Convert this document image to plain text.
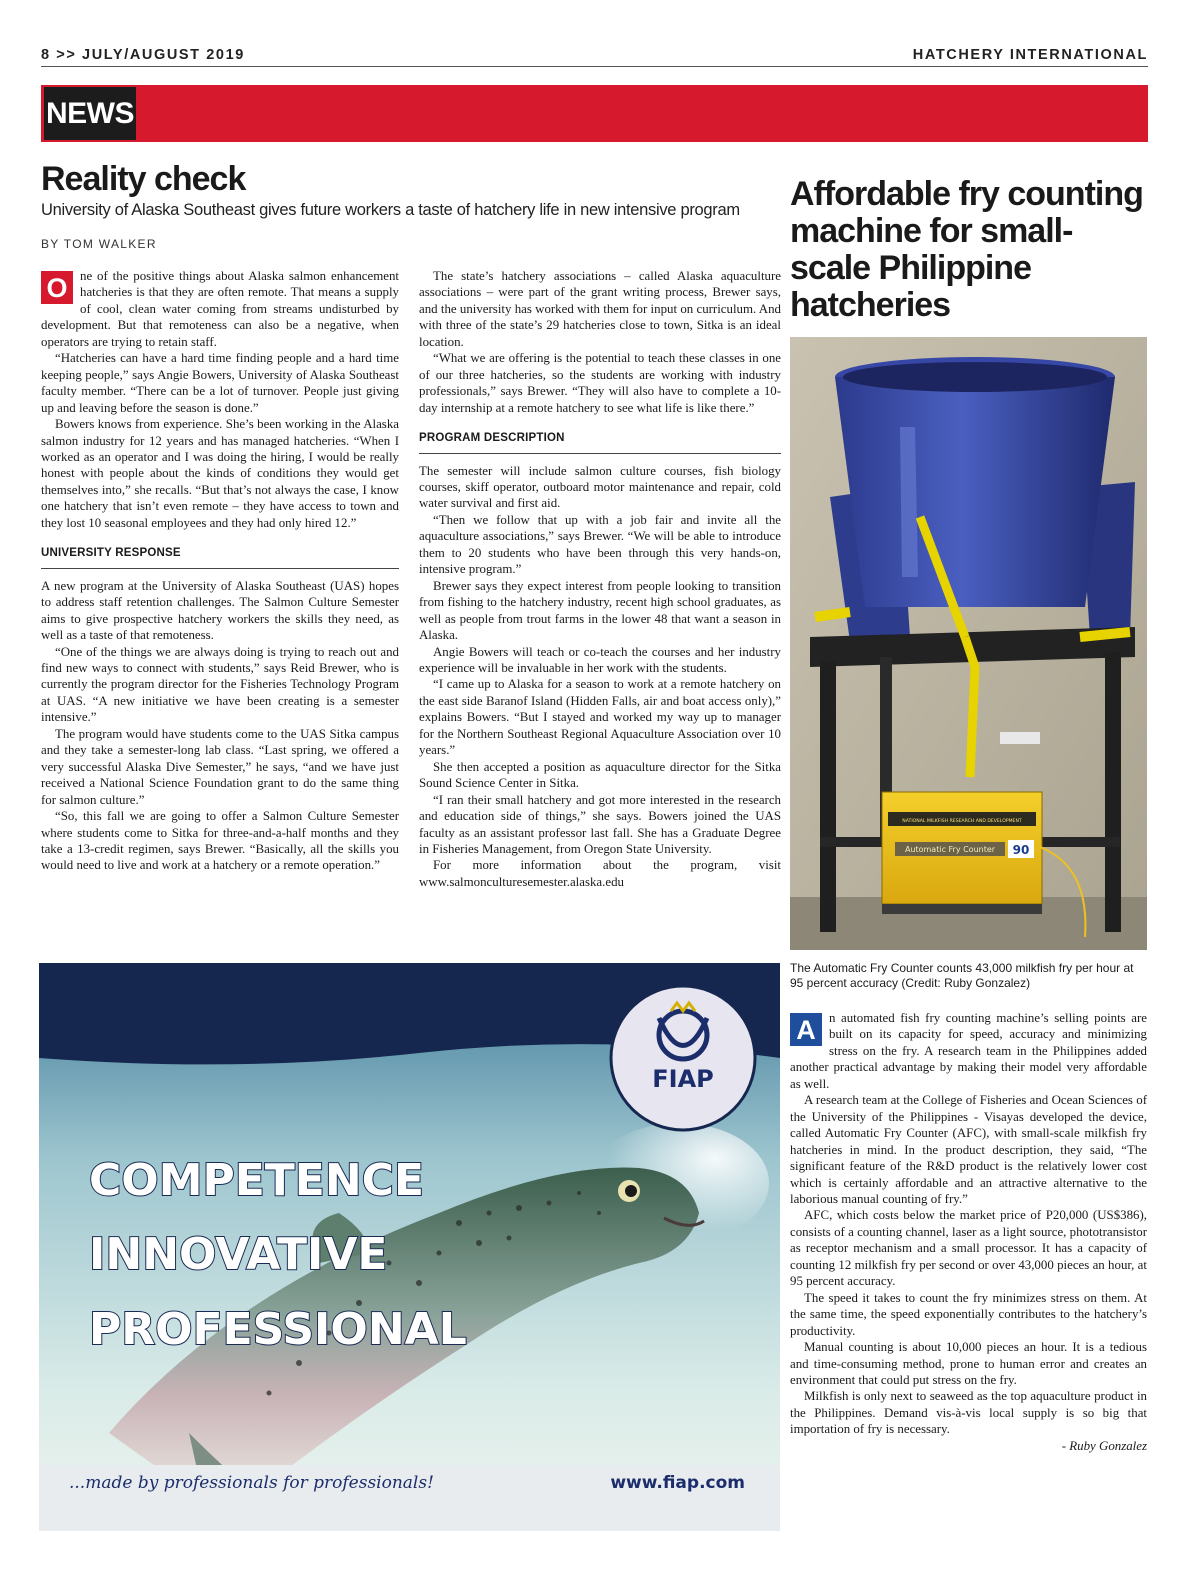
8 >> JULY/AUGUST 2019	HATCHERY INTERNATIONAL
NEWS
Reality check
University of Alaska Southeast gives future workers a taste of hatchery life in new intensive program
BY TOM WALKER

O ne of the positive things about Alaska salmon enhancement hatcheries is that they are often remote. That means a supply of cool, clean water coming from streams undisturbed by development. But that remoteness can also be a negative, when operators are trying to retain staff.

“Hatcheries can have a hard time finding people and a hard time keeping people,” says Angie Bowers, University of Alaska Southeast faculty member. “There can be a lot of turnover. People just giving up and leaving before the season is done.”

Bowers knows from experience. She’s been working in the Alaska salmon industry for 12 years and has managed hatcheries. “When I worked as an operator and I was doing the hiring, I would be really honest with people about the kinds of conditions they would get themselves into,” she recalls. “But that’s not always the case, I know one hatchery that isn’t even remote – they have access to town and they lost 10 seasonal employees and they had only hired 12.”

UNIVERSITY RESPONSE

A new program at the University of Alaska Southeast (UAS) hopes to address staff retention challenges. The Salmon Culture Semester aims to give prospective hatchery workers the skills they need, as well as a taste of that remoteness.

“One of the things we are always doing is trying to reach out and find new ways to connect with students,” says Reid Brewer, who is currently the program director for the Fisheries Technology Program at UAS. “A new initiative we have been creating is a semester intensive.”

The program would have students come to the UAS Sitka campus and they take a semester-long lab class. “Last spring, we offered a very successful Alaska Dive Semester,” he says, “and we have just received a National Science Foundation grant to do the same thing for salmon culture.”

“So, this fall we are going to offer a Salmon Culture Semester where students come to Sitka for three-and-a-half months and they take a 13-credit regimen, says Brewer. “Basically, all the skills you would need to live and work at a hatchery or a remote operation.”

The state’s hatchery associations – called Alaska aquaculture associations – were part of the grant writing process, Brewer says, and the university has worked with them for input on curriculum. And with three of the state’s 29 hatcheries close to town, Sitka is an ideal location.

“What we are offering is the potential to teach these classes in one of our three hatcheries, so the students are working with industry professionals,” says Brewer. “They will also have to complete a 10-day internship at a remote hatchery to see what life is like there.”

PROGRAM DESCRIPTION

The semester will include salmon culture courses, fish biology courses, skiff operator, outboard motor maintenance and repair, cold water survival and first aid.

“Then we follow that up with a job fair and invite all the aquaculture associations,” says Brewer. “We will be able to introduce them to 20 students who have been through this very hands-on, intensive program.”

Brewer says they expect interest from people looking to transition from fishing to the hatchery industry, recent high school graduates, as well as people from trout farms in the lower 48 that want a season in Alaska.

Angie Bowers will teach or co-teach the courses and her industry experience will be invaluable in her work with the students.

“I came up to Alaska for a season to work at a remote hatchery on the east side Baranof Island (Hidden Falls, air and boat access only),” explains Bowers. “But I stayed and worked my way up to manager for the Northern Southeast Regional Aquaculture Association over 10 years.”

She then accepted a position as aquaculture director for the Sitka Sound Science Center in Sitka.

“I ran their small hatchery and got more interested in the research and education side of things,” she says. Bowers joined the UAS faculty as an assistant professor last fall. She has a Graduate Degree in Fisheries Management, from Oregon State University.

For more information about the program, visit www.salmonculturesemester.alaska.edu

Affordable fry counting machine for small-scale Philippine hatcheries
NATIONAL MILKFISH RESEARCH AND DEVELOPMENT
Automatic Fry Counter 90
The Automatic Fry Counter counts 43,000 milkfish fry per hour at 95 percent accuracy (Credit: Ruby Gonzalez)

A	n automated fish fry counting machine’s selling points are built on its capacity for speed, accuracy and minimizing stress on the fry. A research team in the Philippines added another practical advantage by making their model very affordable as well.

A research team at the College of Fisheries and Ocean Sciences of the University of the Philippines - Visayas developed the device, called Automatic Fry Counter (AFC), with small-scale milkfish fry hatcheries in mind. In the product description, they said, “The significant feature of the R&D product is the relatively lower cost which is certainly affordable and an attractive alternative to the laborious manual counting of fry.”

AFC, which costs below the market price of P20,000 (US$386), consists of a counting channel, laser as a light source, phototransistor as receptor mechanism and a small processor. It has a capacity of counting 12 milkfish fry per second or over 43,000 pieces an hour, at 95 percent accuracy.

The speed it takes to count the fry minimizes stress on them. At the same time, the speed exponentially contributes to the hatchery’s productivity.

Manual counting is about 10,000 pieces an hour. It is a tedious and time-consuming method, prone to human error and creates an environment that could put stress on the fry.

Milkfish is only next to seaweed as the top aquaculture product in the Philippines. Demand vis-à-vis local supply is so big that importation of fry is necessary.

- Ruby Gonzalez
FIAP
COMPETENCE
INNOVATIVE
PROFESSIONAL
...made by professionals for professionals!	www.fiap.com
